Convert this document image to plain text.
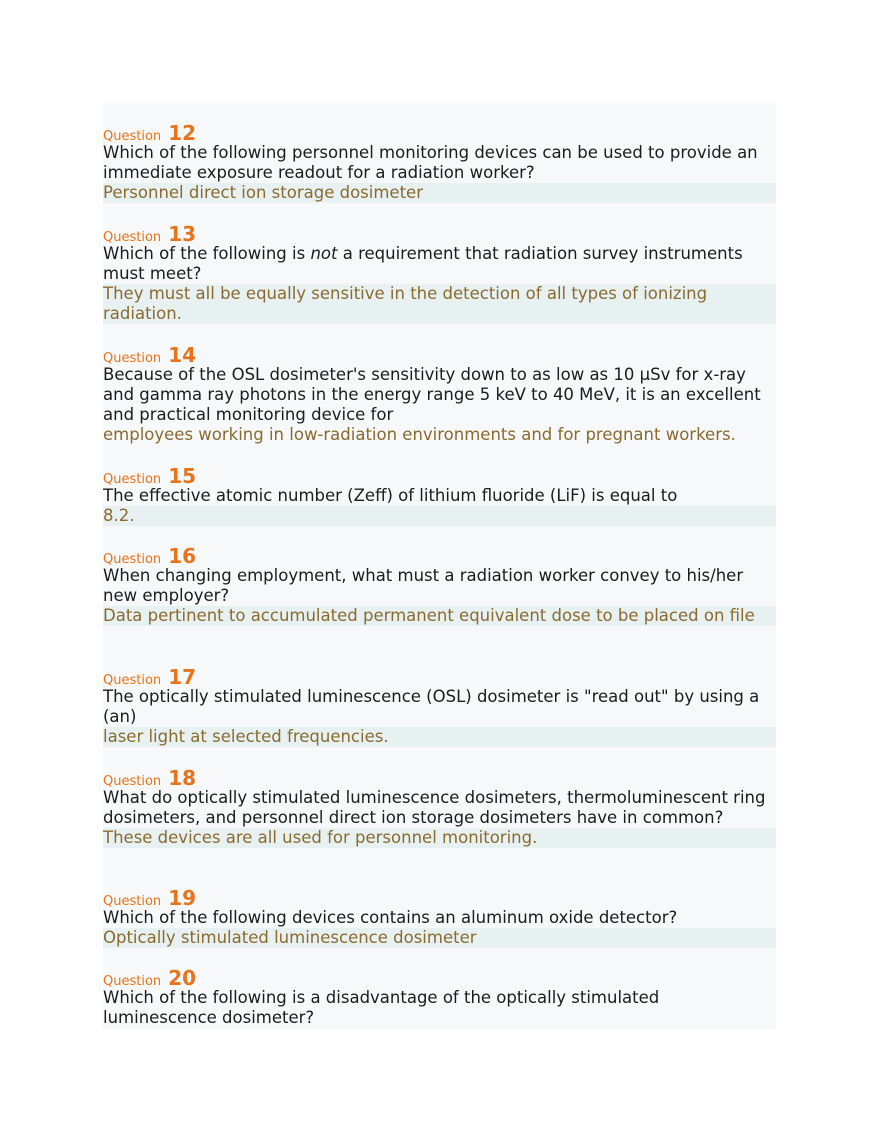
Question 12

Which of the following personnel monitoring devices can be used to provide an immediate exposure readout for a radiation worker?

Personnel direct ion storage dosimeter

Question 13

Which of the following is not a requirement that radiation survey instruments must meet?

They must all be equally sensitive in the detection of all types of ionizing radiation.

Question 14

Because of the OSL dosimeter's sensitivity down to as low as 10 μSv for x-ray and gamma ray photons in the energy range 5 keV to 40 MeV, it is an excellent and practical monitoring device for

employees working in low-radiation environments and for pregnant workers.

Question 15

The effective atomic number (Zeff) of lithium fluoride (LiF) is equal to

8.2.

Question 16

When changing employment, what must a radiation worker convey to his/her new employer?

Data pertinent to accumulated permanent equivalent dose to be placed on file

Question 17

The optically stimulated luminescence (OSL) dosimeter is "read out" by using a (an)

laser light at selected frequencies.

Question 18

What do optically stimulated luminescence dosimeters, thermoluminescent ring dosimeters, and personnel direct ion storage dosimeters have in common?

These devices are all used for personnel monitoring.

Question 19

Which of the following devices contains an aluminum oxide detector?

Optically stimulated luminescence dosimeter

Question 20

Which of the following is a disadvantage of the optically stimulated luminescence dosimeter?
